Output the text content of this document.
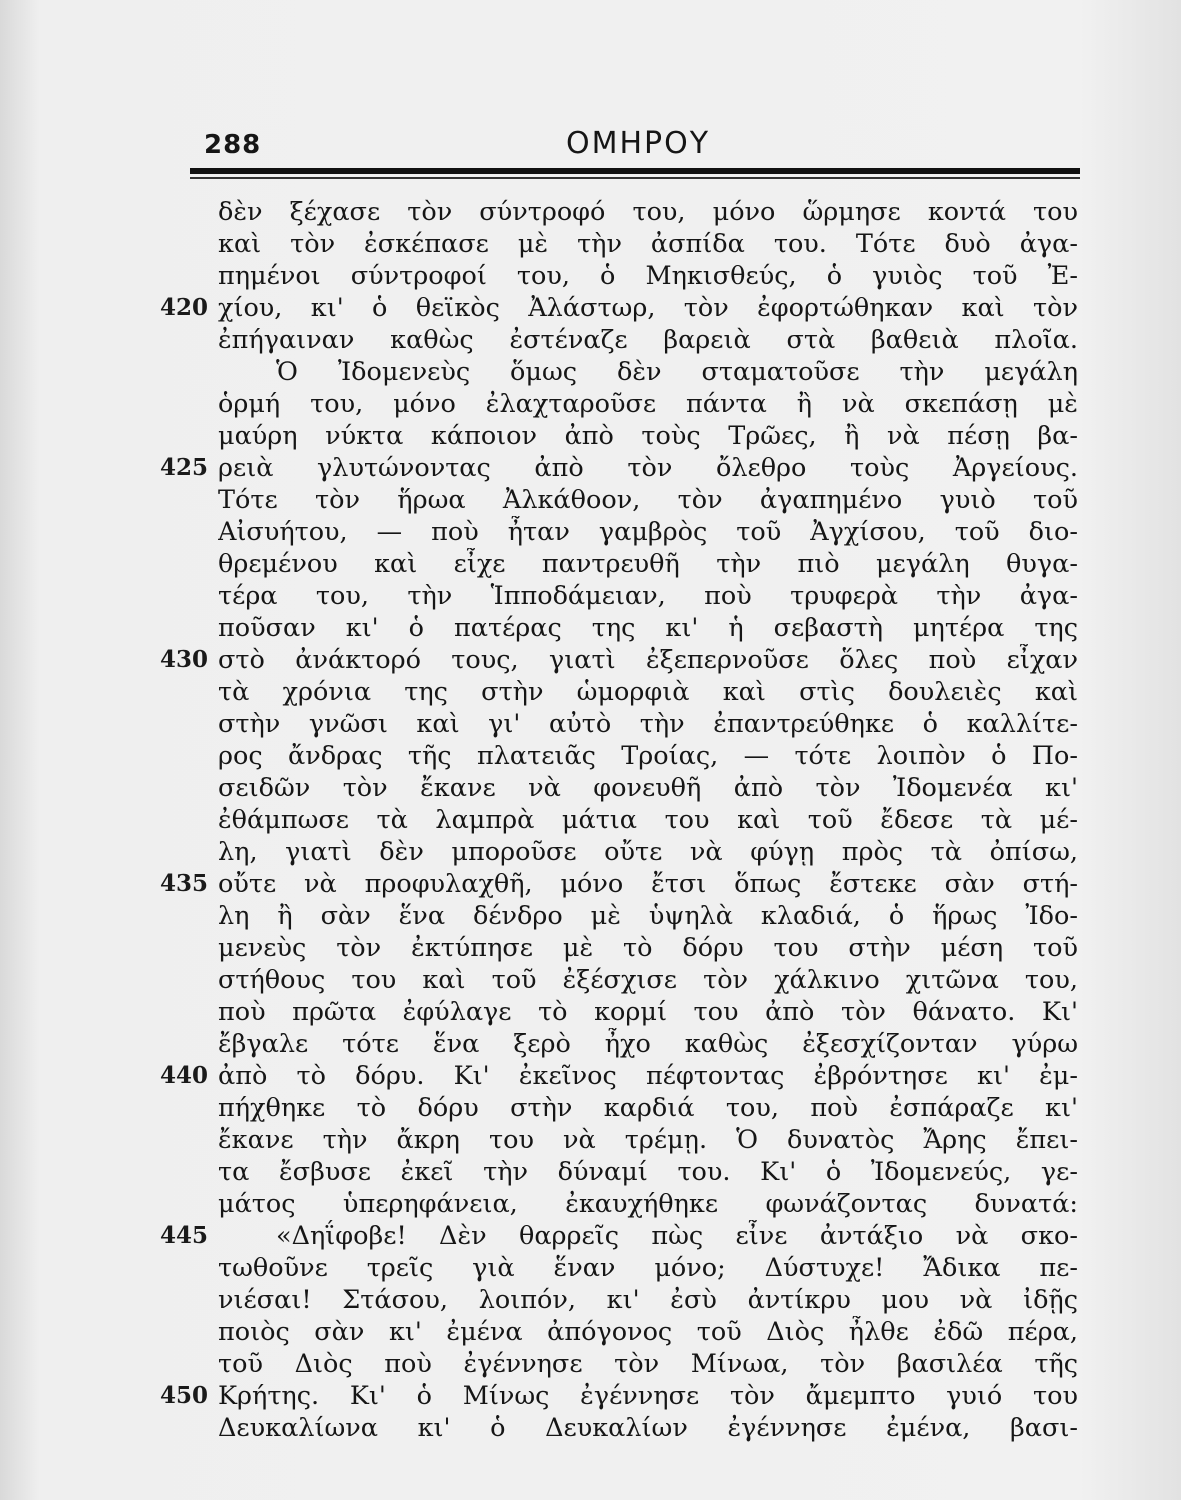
288	ΟΜΗΡΟΥ
δὲν ξέχασε τὸν σύντροφό του, μόνο ὥρμησε κοντά του
καὶ τὸν ἐσκέπασε μὲ τὴν ἀσπίδα του. Τότε δυὸ ἀγα-
πημένοι σύντροφοί του, ὁ Μηκισθεύς, ὁ γυιὸς τοῦ Ἐ-
χίου, κι' ὁ θεϊκὸς Ἀλάστωρ, τὸν ἐφορτώθηκαν καὶ τὸν
ἐπήγαιναν καθὼς ἐστέναζε βαρειὰ στὰ βαθειὰ πλοῖα.
Ὁ Ἰδομενεὺς ὅμως δὲν σταματοῦσε τὴν μεγάλη
ὁρμή του, μόνο ἐλαχταροῦσε πάντα ἢ νὰ σκεπάσῃ μὲ
μαύρη νύκτα κάποιον ἀπὸ τοὺς Τρῶες, ἢ νὰ πέσῃ βα-
ρειὰ γλυτώνοντας ἀπὸ τὸν ὄλεθρο τοὺς Ἀργείους.
Τότε τὸν ἥρωα Ἀλκάθοον, τὸν ἀγαπημένο γυιὸ τοῦ
Αἰσυήτου, — ποὺ ἦταν γαμβρὸς τοῦ Ἀγχίσου, τοῦ διο-
θρεμένου καὶ εἶχε παντρευθῆ τὴν πιὸ μεγάλη θυγα-
τέρα του, τὴν Ἱπποδάμειαν, ποὺ τρυφερὰ τὴν ἀγα-
ποῦσαν κι' ὁ πατέρας της κι' ἡ σεβαστὴ μητέρα της
στὸ ἀνάκτορό τους, γιατὶ ἐξεπερνοῦσε ὅλες ποὺ εἶχαν
τὰ χρόνια της στὴν ὡμορφιὰ καὶ στὶς δουλειὲς καὶ
στὴν γνῶσι καὶ γι' αὐτὸ τὴν ἐπαντρεύθηκε ὁ καλλίτε-
ρος ἄνδρας τῆς πλατειᾶς Τροίας, — τότε λοιπὸν ὁ Πο-
σειδῶν τὸν ἔκανε νὰ φονευθῆ ἀπὸ τὸν Ἰδομενέα κι'
ἐθάμπωσε τὰ λαμπρὰ μάτια του καὶ τοῦ ἔδεσε τὰ μέ-
λη, γιατὶ δὲν μποροῦσε οὔτε νὰ φύγῃ πρὸς τὰ ὀπίσω,
οὔτε νὰ προφυλαχθῆ, μόνο ἔτσι ὅπως ἔστεκε σὰν στή-
λη ἢ σὰν ἕνα δένδρο μὲ ὑψηλὰ κλαδιά, ὁ ἥρως Ἰδο-
μενεὺς τὸν ἐκτύπησε μὲ τὸ δόρυ του στὴν μέση τοῦ
στήθους του καὶ τοῦ ἐξέσχισε τὸν χάλκινο χιτῶνα του,
ποὺ πρῶτα ἐφύλαγε τὸ κορμί του ἀπὸ τὸν θάνατο. Κι'
ἔβγαλε τότε ἕνα ξερὸ ἦχο καθὼς ἐξεσχίζονταν γύρω
ἀπὸ τὸ δόρυ. Κι' ἐκεῖνος πέφτοντας ἐβρόντησε κι' ἐμ-
πήχθηκε τὸ δόρυ στὴν καρδιά του, ποὺ ἐσπάραζε κι'
ἔκανε τὴν ἄκρη του νὰ τρέμῃ. Ὁ δυνατὸς Ἄρης ἔπει-
τα ἔσβυσε ἐκεῖ τὴν δύναμί του. Κι' ὁ Ἰδομενεύς, γε-
μάτος ὑπερηφάνεια, ἐκαυχήθηκε φωνάζοντας δυνατά:
«Δηΐφοβε! Δὲν θαρρεῖς πὼς εἶνε ἀντάξιο νὰ σκο-
τωθοῦνε τρεῖς γιὰ ἕναν μόνο; Δύστυχε! Ἄδικα πε-
νιέσαι! Στάσου, λοιπόν, κι' ἐσὺ ἀντίκρυ μου νὰ ἰδῇς
ποιὸς σὰν κι' ἐμένα ἀπόγονος τοῦ Διὸς ἦλθε ἐδῶ πέρα,
τοῦ Διὸς ποὺ ἐγέννησε τὸν Μίνωα, τὸν βασιλέα τῆς
Κρήτης. Κι' ὁ Μίνως ἐγέννησε τὸν ἄμεμπτο γυιό του
Δευκαλίωνα κι' ὁ Δευκαλίων ἐγέννησε ἐμένα, βασι-
420
425
430
435
440
445
450
